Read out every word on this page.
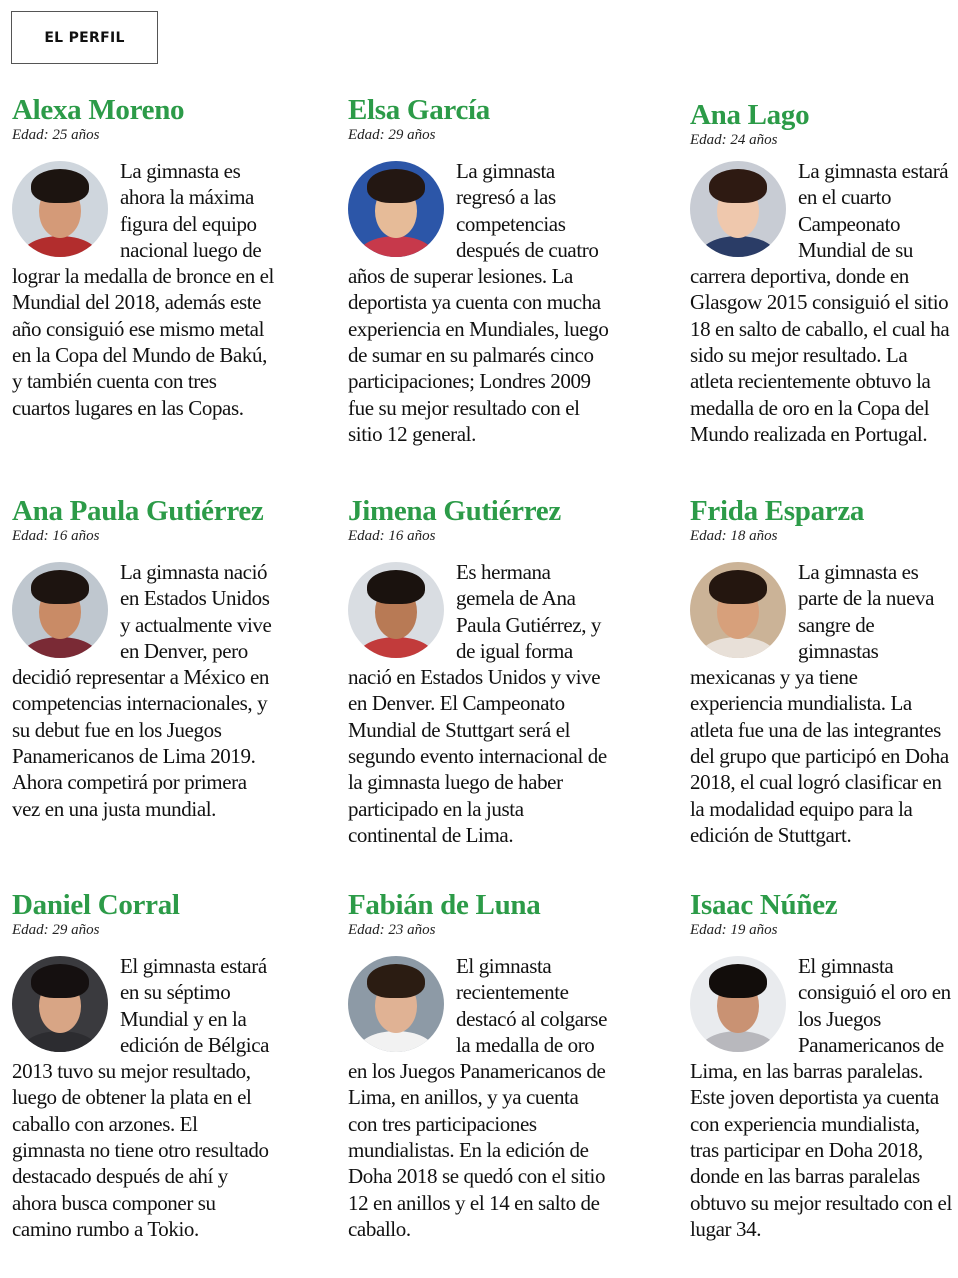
EL PERFIL
Alexa Moreno
Edad: 25 años
La gimnasta es ahora la máxima figura del equipo nacional luego de lograr la medalla de bronce en el Mundial del 2018, además este año consiguió ese mismo metal en la Copa del Mundo de Bakú, y también cuenta con tres cuartos lugares en las Copas.
Elsa García
Edad: 29 años
La gimnasta regresó a las competencias después de cuatro años de superar lesiones. La deportista ya cuenta con mucha experiencia en Mundiales, luego de sumar en su palmarés cinco participaciones; Londres 2009 fue su mejor resultado con el sitio 12 general.
Ana Lago
Edad: 24 años
La gimnasta estará en el cuarto Campeonato Mundial de su carrera deportiva, donde en Glasgow 2015 consiguió el sitio 18 en salto de caballo, el cual ha sido su mejor resultado. La atleta recientemente obtuvo la medalla de oro en la Copa del Mundo realizada en Portugal.
Ana Paula Gutiérrez
Edad: 16 años
La gimnasta nació en Estados Unidos y actualmente vive en Denver, pero decidió representar a México en competencias internacionales, y su debut fue en los Juegos Panamericanos de Lima 2019. Ahora competirá por primera vez en una justa mundial.
Jimena Gutiérrez
Edad: 16 años
Es hermana gemela de Ana Paula Gutiérrez, y de igual forma nació en Estados Unidos y vive en Denver. El Campeonato Mundial de Stuttgart será el segundo evento internacional de la gimnasta luego de haber participado en la justa continental de Lima.
Frida Esparza
Edad: 18 años
La gimnasta es parte de la nueva sangre de gimnastas mexicanas y ya tiene experiencia mundialista. La atleta fue una de las integrantes del grupo que participó en Doha 2018, el cual logró clasificar en la modalidad equipo para la edición de Stuttgart.
Daniel Corral
Edad: 29 años
El gimnasta estará en su séptimo Mundial y en la edición de Bélgica 2013 tuvo su mejor resultado, luego de obtener la plata en el caballo con arzones. El gimnasta no tiene otro resultado destacado después de ahí y ahora busca componer su camino rumbo a Tokio.
Fabián de Luna
Edad: 23 años
El gimnasta recientemente destacó al colgarse la medalla de oro en los Juegos Panamericanos de Lima, en anillos, y ya cuenta con tres participaciones mundialistas. En la edición de Doha 2018 se quedó con el sitio 12 en anillos y el 14 en salto de caballo.
Isaac Núñez
Edad: 19 años
El gimnasta consiguió el oro en los Juegos Panamericanos de Lima, en las barras paralelas. Este joven deportista ya cuenta con experiencia mundialista, tras participar en Doha 2018, donde en las barras paralelas obtuvo su mejor resultado con el lugar 34.
